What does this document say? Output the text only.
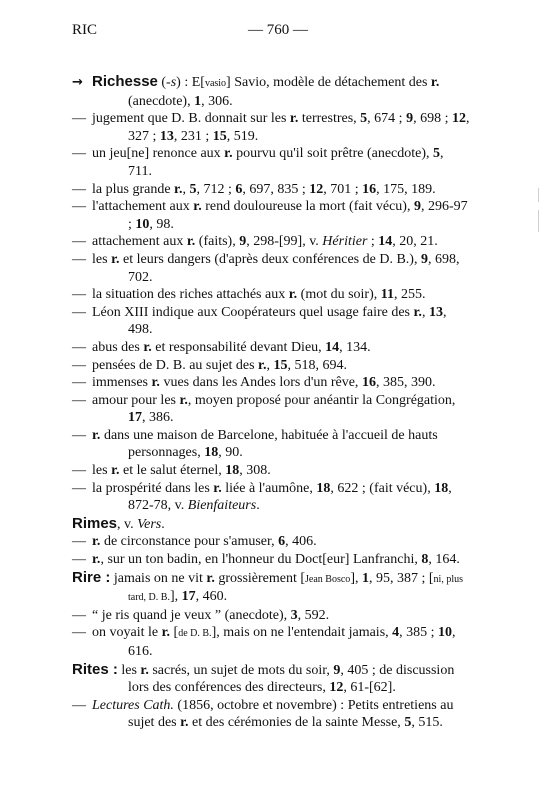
RIC	— 760 —

→ Richesse (-s) : E[vasio] Savio, modèle de détachement des r. (anecdote), 1, 306.

— jugement que D. B. donnait sur les r. terrestres, 5, 674 ; 9, 698 ; 12, 327 ; 13, 231 ; 15, 519.

— un jeu[ne] renonce aux r. pourvu qu'il soit prêtre (anecdote), 5, 711.

— la plus grande r., 5, 712 ; 6, 697, 835 ; 12, 701 ; 16, 175, 189.

— l'attachement aux r. rend douloureuse la mort (fait vécu), 9, 296-97 ; 10, 98.

— attachement aux r. (faits), 9, 298-[99], v. Héritier ; 14, 20, 21.

— les r. et leurs dangers (d'après deux conférences de D. B.), 9, 698, 702.

— la situation des riches attachés aux r. (mot du soir), 11, 255.

— Léon XIII indique aux Coopérateurs quel usage faire des r., 13, 498.

— abus des r. et responsabilité devant Dieu, 14, 134.

— pensées de D. B. au sujet des r., 15, 518, 694.

— immenses r. vues dans les Andes lors d'un rêve, 16, 385, 390.

— amour pour les r., moyen proposé pour anéantir la Congrégation, 17, 386.

— r. dans une maison de Barcelone, habituée à l'accueil de hauts personnages, 18, 90.

— les r. et le salut éternel, 18, 308.

— la prospérité dans les r. liée à l'aumône, 18, 622 ; (fait vécu), 18, 872-78, v. Bienfaiteurs.

Rimes, v. Vers.

— r. de circonstance pour s'amuser, 6, 406.

— r., sur un ton badin, en l'honneur du Doct[eur] Lanfranchi, 8, 164.

Rire : jamais on ne vit r. grossièrement [Jean Bosco], 1, 95, 387 ; [ni, plus tard, D. B.], 17, 460.

— “ je ris quand je veux ” (anecdote), 3, 592.

— on voyait le r. [de D. B.], mais on ne l'entendait jamais, 4, 385 ; 10, 616.

Rites : les r. sacrés, un sujet de mots du soir, 9, 405 ; de discussion lors des conférences des directeurs, 12, 61-[62].

— Lectures Cath. (1856, octobre et novembre) : Petits entretiens au sujet des r. et des cérémonies de la sainte Messe, 5, 515.
